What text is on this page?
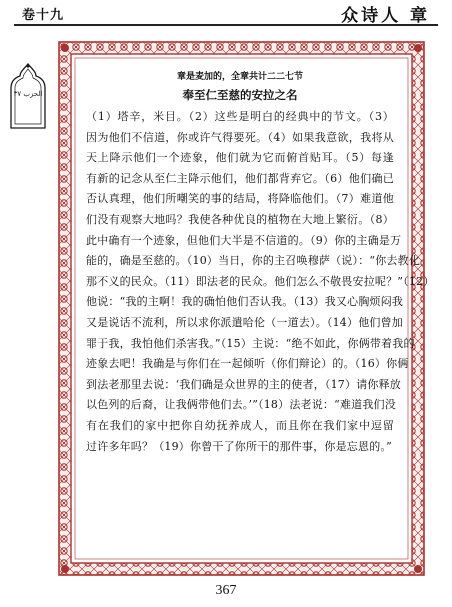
卷十九	众诗人 章
الحزب ٣٧

章是麦加的，全章共计二二七节

奉至仁至慈的安拉之名

（1）塔辛，米目。（2）这些是明白的经典中的节文。（3）

因为他们不信道，你或许气得要死。（4）如果我意欲，我将从

天上降示他们一个迹象，他们就为它而俯首贴耳。（5）每逢

有新的记念从至仁主降示他们，他们都背弃它。（6）他们确已

否认真理，他们所嘲笑的事的结局，将降临他们。（7）难道他

们没有观察大地吗？我使各种优良的植物在大地上繁衍。（8）

此中确有一个迹象，但他们大半是不信道的。（9）你的主确是万

能的，确是至慈的。（10）当日，你的主召唤穆萨（说）：“你去教化

那不义的民众。（11）即法老的民众。他们怎么不敬畏安拉呢？”（12）

他说：“我的主啊！我的确怕他们否认我。（13）我又心胸烦闷我

又是说话不流利，所以求你派遣哈伦（一道去）。（14）他们曾加

罪于我，我怕他们杀害我。”（15）主说：“绝不如此，你俩带着我的

迹象去吧！我确是与你们在一起倾听（你们辩论）的。（16）你俩

到法老那里去说：‘我们确是众世界的主的使者，（17）请你释放

以色列的后裔，让我俩带他们去。’”（18）法老说：“难道我们没

有在我们的家中把你自幼抚养成人，而且你在我们家中逗留

过许多年吗？（19）你曾干了你所干的那件事，你是忘恩的。”

367
